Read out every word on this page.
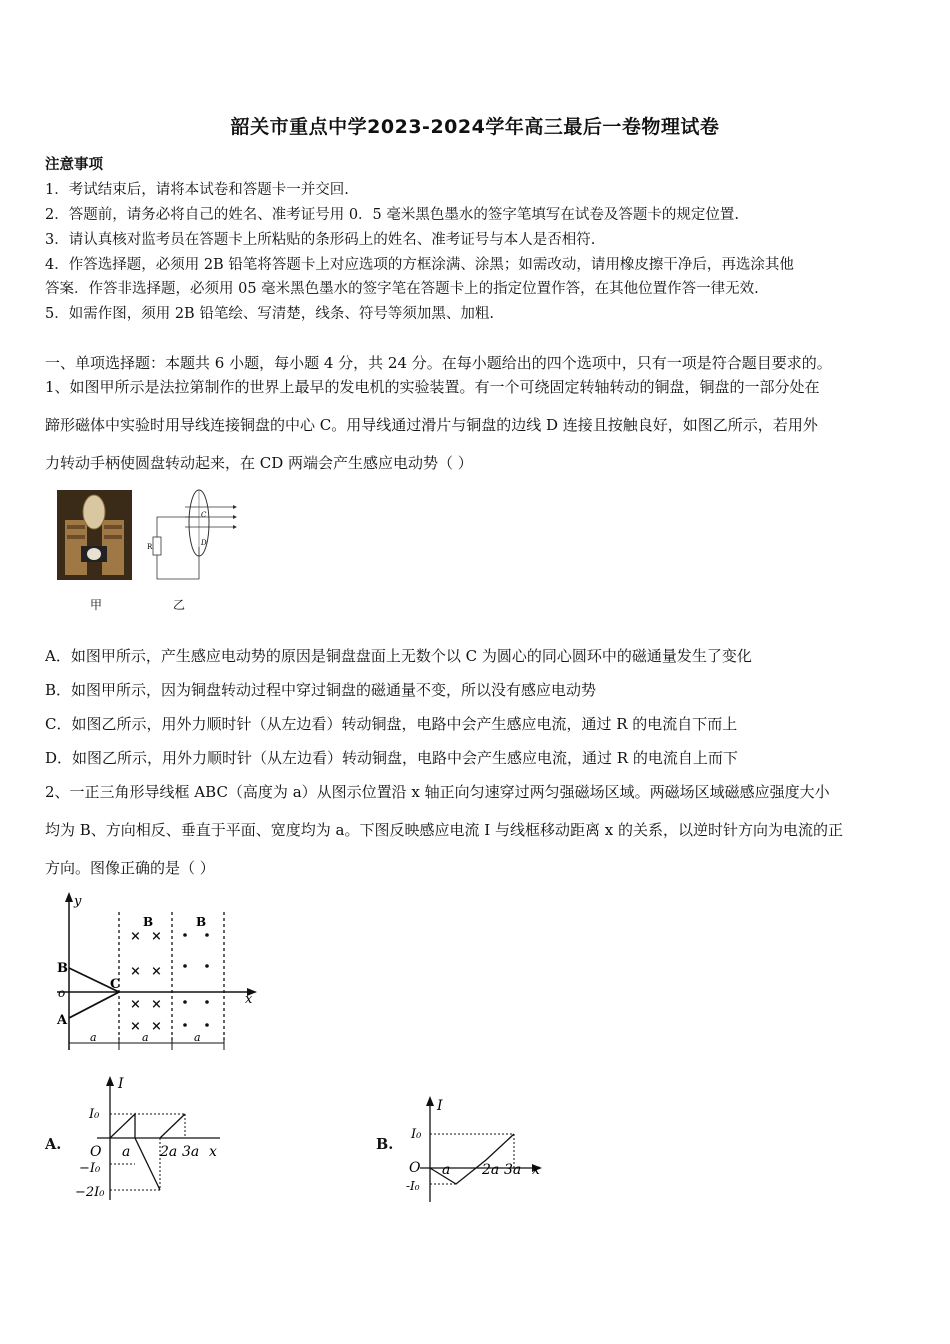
韶关市重点中学2023-2024学年高三最后一卷物理试卷
注意事项
1．考试结束后，请将本试卷和答题卡一并交回.
2．答题前，请务必将自己的姓名、准考证号用 0．5 毫米黑色墨水的签字笔填写在试卷及答题卡的规定位置.
3．请认真核对监考员在答题卡上所粘贴的条形码上的姓名、准考证号与本人是否相符.
4．作答选择题，必须用 2B 铅笔将答题卡上对应选项的方框涂满、涂黑；如需改动，请用橡皮擦干净后，再选涂其他
答案．作答非选择题，必须用 05 毫米黑色墨水的签字笔在答题卡上的指定位置作答，在其他位置作答一律无效.
5．如需作图，须用 2B 铅笔绘、写清楚，线条、符号等须加黑、加粗.
一、单项选择题：本题共 6 小题，每小题 4 分，共 24 分。在每小题给出的四个选项中，只有一项是符合题目要求的。
1、如图甲所示是法拉第制作的世界上最早的发电机的实验装置。有一个可绕固定转轴转动的铜盘，铜盘的一部分处在
蹄形磁体中实验时用导线连接铜盘的中心 C。用导线通过滑片与铜盘的边线 D 连接且按触良好，如图乙所示，若用外
力转动手柄使圆盘转动起来，在 CD 两端会产生感应电动势（ ）
R
C
D
甲	乙
A．如图甲所示，产生感应电动势的原因是铜盘盘面上无数个以 C 为圆心的同心圆环中的磁通量发生了变化
B．如图甲所示，因为铜盘转动过程中穿过铜盘的磁通量不变，所以没有感应电动势
C．如图乙所示，用外力顺时针（从左边看）转动铜盘，电路中会产生感应电流，通过 R 的电流自下而上
D．如图乙所示，用外力顺时针（从左边看）转动铜盘，电路中会产生感应电流，通过 R 的电流自上而下
2、一正三角形导线框 ABC（高度为 a）从图示位置沿 x 轴正向匀速穿过两匀强磁场区域。两磁场区域磁感应强度大小
均为 B、方向相反、垂直于平面、宽度均为 a。下图反映感应电流 I 与线框移动距离 x 的关系，以逆时针方向为电流的正
方向。图像正确的是（ ）
y
x
o
B
A
C
× ×
× ×
× ×
× ×
B	B
a	a	a
A.
I
O
I₀
−I₀
−2I₀
a 2a 3a x	B.
I
O
I₀
-I₀
a 2a 3a x
